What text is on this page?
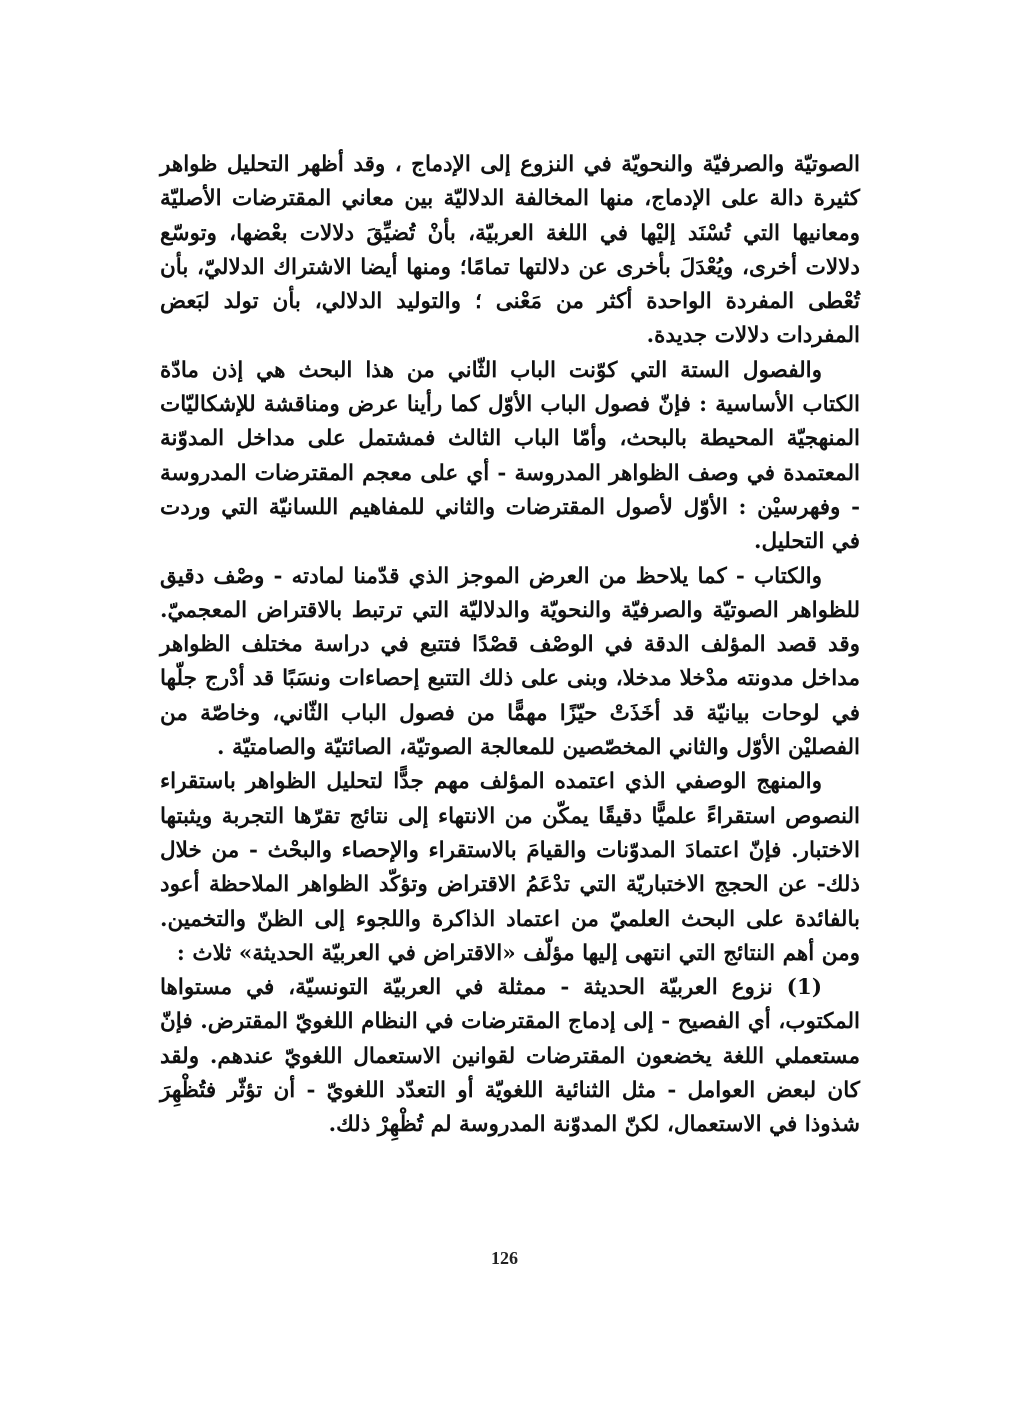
الصوتيّة والصرفيّة والنحويّة في النزوع إلى الإدماج ، وقد أظهر التحليل ظواهر كثيرة دالة على الإدماج، منها المخالفة الدلاليّة بين معاني المقترضات الأصليّة ومعانيها التي تُسْنَد إليْها في اللغة العربيّة، بأنْ تُضيِّقَ دلالات بعْضها، وتوسّع دلالات أخرى، ويُعْدَلَ بأخرى عن دلالتها تمامًا؛ ومنها أيضا الاشتراك الدلاليّ، بأن تُعْطى المفردة الواحدة أكثر من مَعْنى ؛ والتوليد الدلالي، بأن تولد لبَعض المفردات دلالات جديدة.

والفصول الستة التي كوّنت الباب الثّاني من هذا البحث هي إذن مادّة الكتاب الأساسية : فإنّ فصول الباب الأوّل كما رأينا عرض ومناقشة للإشكاليّات المنهجيّة المحيطة بالبحث، وأمّا الباب الثالث فمشتمل على مداخل المدوّنة المعتمدة في وصف الظواهر المدروسة - أي على معجم المقترضات المدروسة - وفهرسيْن : الأوّل لأصول المقترضات والثاني للمفاهيم اللسانيّة التي وردت في التحليل.

والكتاب - كما يلاحظ من العرض الموجز الذي قدّمنا لمادته - وصْف دقيق للظواهر الصوتيّة والصرفيّة والنحويّة والدلاليّة التي ترتبط بالاقتراض المعجميّ. وقد قصد المؤلف الدقة في الوصْف قصْدًا فتتبع في دراسة مختلف الظواهر مداخل مدونته مدْخلا مدخلا، وبنى على ذلك التتبع إحصاءات ونسَبًا قد أدْرج جلّها في لوحات بيانيّة قد أخَذَتْ حيّزًا مهمًّا من فصول الباب الثّاني، وخاصّة من الفصليْن الأوّل والثاني المخصّصين للمعالجة الصوتيّة، الصائتيّة والصامتيّة .

والمنهج الوصفي الذي اعتمده المؤلف مهم جدًّا لتحليل الظواهر باستقراء النصوص استقراءً علميًّا دقيقًا يمكّن من الانتهاء إلى نتائج تقرّها التجربة ويثبتها الاختبار. فإنّ اعتمادَ المدوّنات والقيامَ بالاستقراء والإحصاء والبحْث - من خلال ذلك- عن الحجج الاختباريّة التي تدْعَمُ الاقتراض وتؤكّد الظواهر الملاحظة أعود بالفائدة على البحث العلميّ من اعتماد الذاكرة واللجوء إلى الظنّ والتخمين. ومن أهم النتائج التي انتهى إليها مؤلّف «الاقتراض في العربيّة الحديثة» ثلاث :

(1) نزوع العربيّة الحديثة - ممثلة في العربيّة التونسيّة، في مستواها المكتوب، أي الفصيح - إلى إدماج المقترضات في النظام اللغويّ المقترض. فإنّ مستعملي اللغة يخضعون المقترضات لقوانين الاستعمال اللغويّ عندهم. ولقد كان لبعض العوامل - مثل الثنائية اللغويّة أو التعدّد اللغويّ - أن تؤثّر فتُظْهِرَ شذوذا في الاستعمال، لكنّ المدوّنة المدروسة لم تُظْهِرْ ذلك.

126
